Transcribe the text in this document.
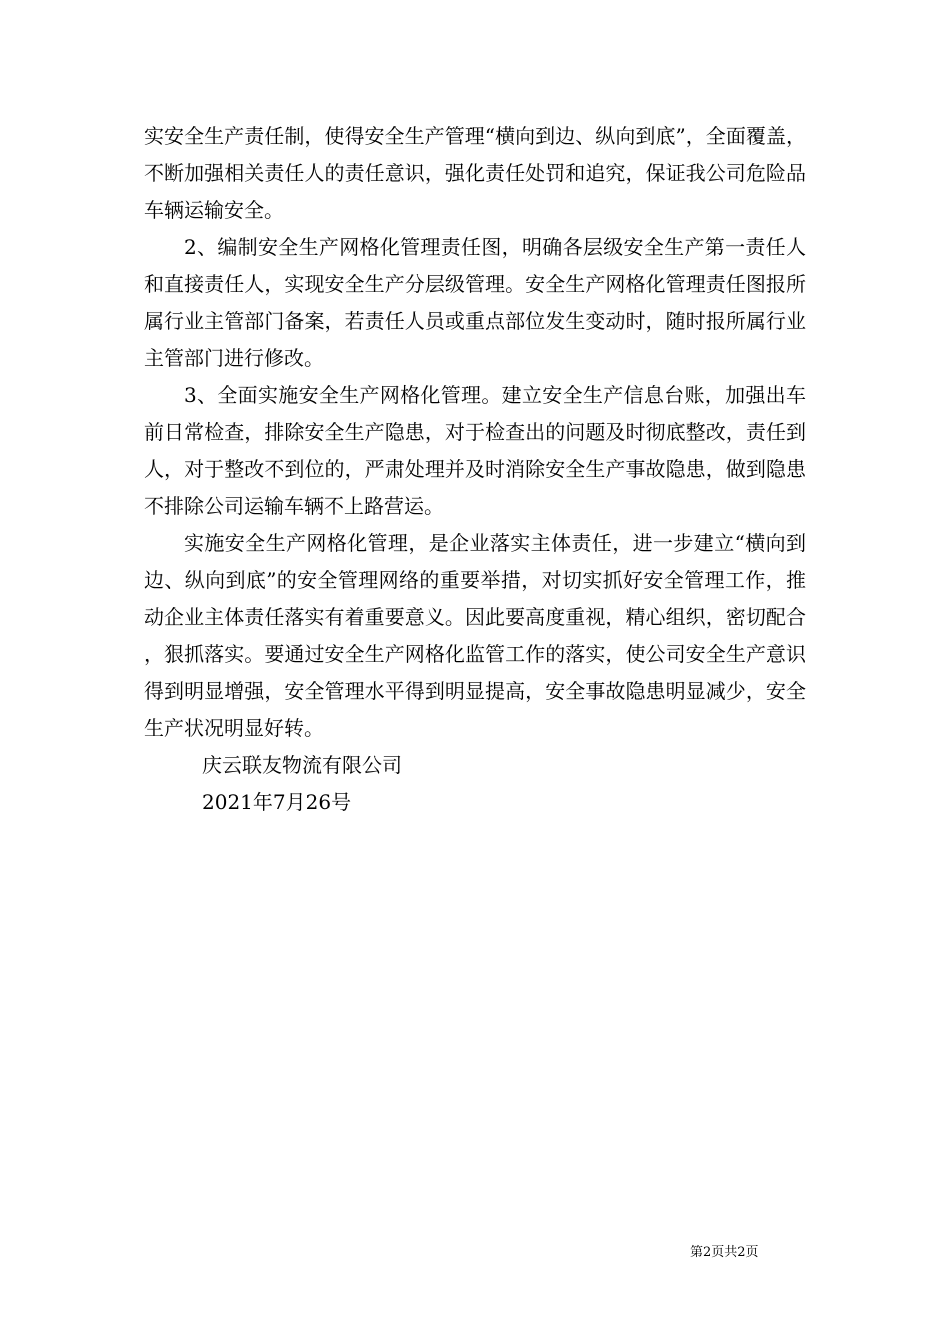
实安全生产责任制，使得安全生产管理“横向到边、纵向到底”，全面覆盖，不断加强相关责任人的责任意识，强化责任处罚和追究，保证我公司危险品车辆运输安全。

2、编制安全生产网格化管理责任图，明确各层级安全生产第一责任人和直接责任人，实现安全生产分层级管理。安全生产网格化管理责任图报所属行业主管部门备案，若责任人员或重点部位发生变动时，随时报所属行业主管部门进行修改。

3、全面实施安全生产网格化管理。建立安全生产信息台账，加强出车前日常检查，排除安全生产隐患，对于检查出的问题及时彻底整改，责任到人，对于整改不到位的，严肃处理并及时消除安全生产事故隐患，做到隐患不排除公司运输车辆不上路营运。

实施安全生产网格化管理，是企业落实主体责任，进一步建立“横向到边、纵向到底”的安全管理网络的重要举措，对切实抓好安全管理工作，推动企业主体责任落实有着重要意义。因此要高度重视，精心组织，密切配合，狠抓落实。要通过安全生产网格化监管工作的落实，使公司安全生产意识得到明显增强，安全管理水平得到明显提高，安全事故隐患明显减少，安全生产状况明显好转。

庆云联友物流有限公司

2021年7月26号

第2页共2页
